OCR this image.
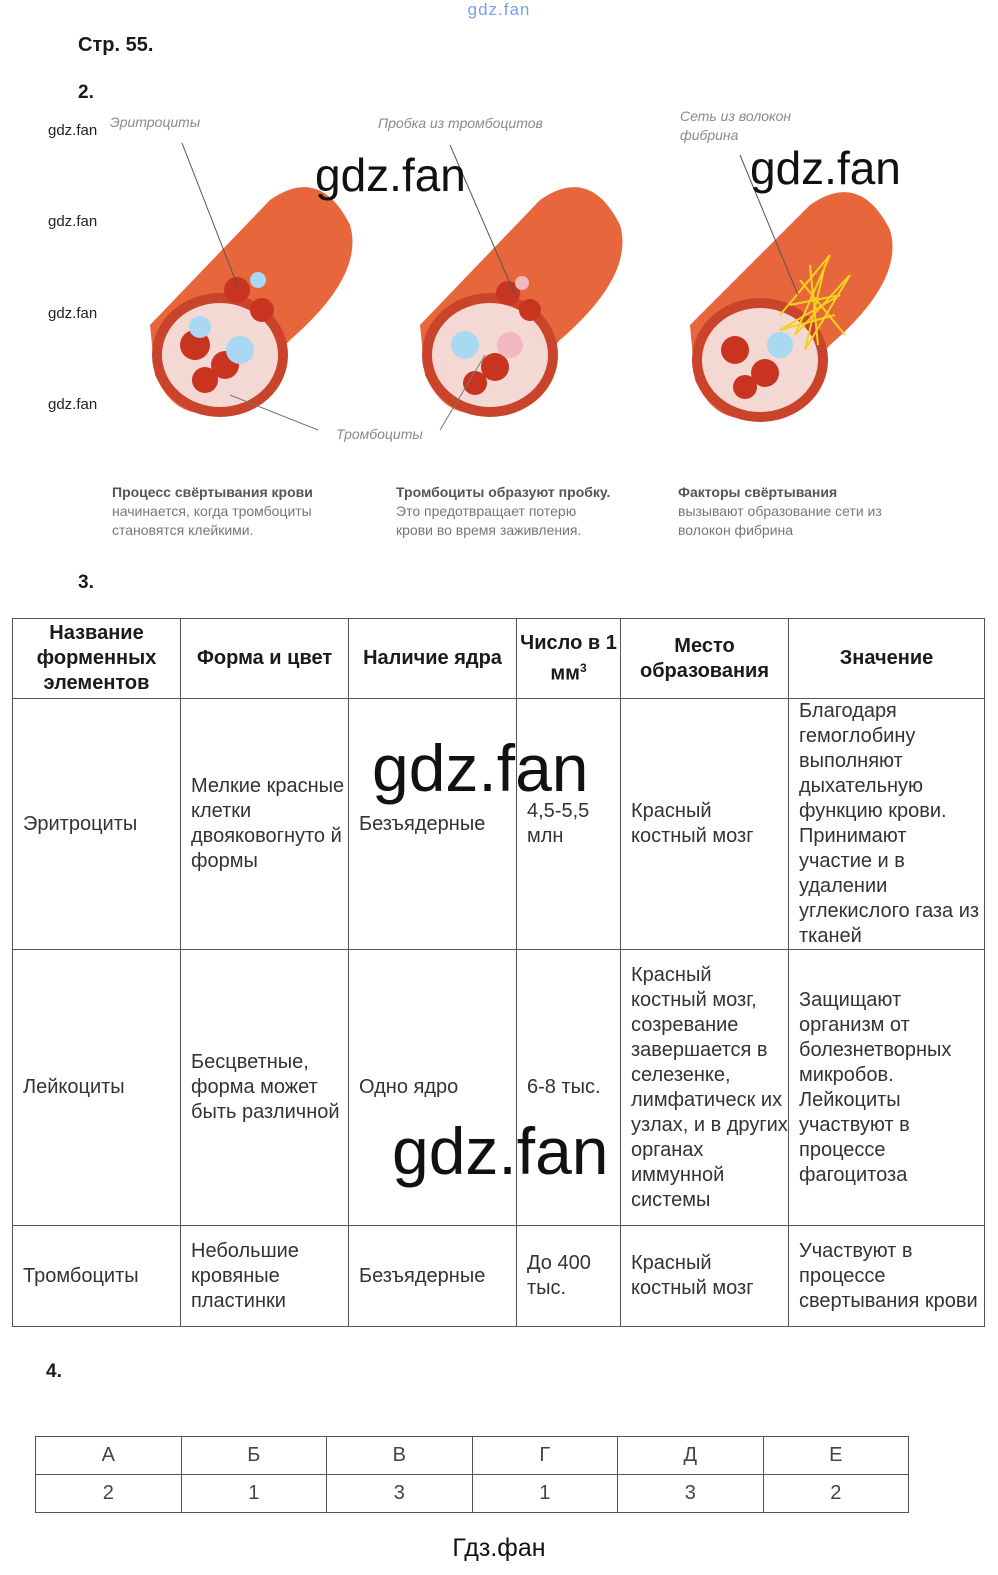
gdz.fan
Стр. 55.
2.
gdz.fan
gdz.fan
gdz.fan
gdz.fan
Эритроциты	Пробка из тромбоцитов	Сеть из волокон
фибрина
Тромбоциты
gdz.fan	gdz.fan
Процесс свёртывания крови
начинается, когда тромбоциты
становятся клейкими.
Тромбоциты образуют пробку.
Это предотвращает потерю
крови во время заживления.
Факторы свёртывания
вызывают образование сети из
волокон фибрина
3.
Название форменных элементов	Форма и цвет	Наличие ядра	Число в 1 $мм^3$	Место образования	Значение
Эритроциты	Мелкие красные клетки двояковогнуто й формы	Безъядерные	4,5-5,5 млн	Красный костный мозг	Благодаря гемоглобину выполняют дыхательную функцию крови. Принимают участие и в удалении углекислого газа из тканей
Лейкоциты	Бесцветные, форма может быть различной	Одно ядро	6-8 тыс.	Красный костный мозг, созревание завершается в селезенке, лимфатическ их узлах, и в других органах иммунной системы	Защищают организм от болезнетворных микробов. Лейкоциты участвуют в процессе фагоцитоза
Тромбоциты	Небольшие кровяные пластинки	Безъядерные	До 400 тыс.	Красный костный мозг	Участвуют в процессе свертывания крови
gdz.fan
gdz.fan
4.
А	Б	В	Г	Д	Е
2	1	3	1	3	2
Гдз.фан
